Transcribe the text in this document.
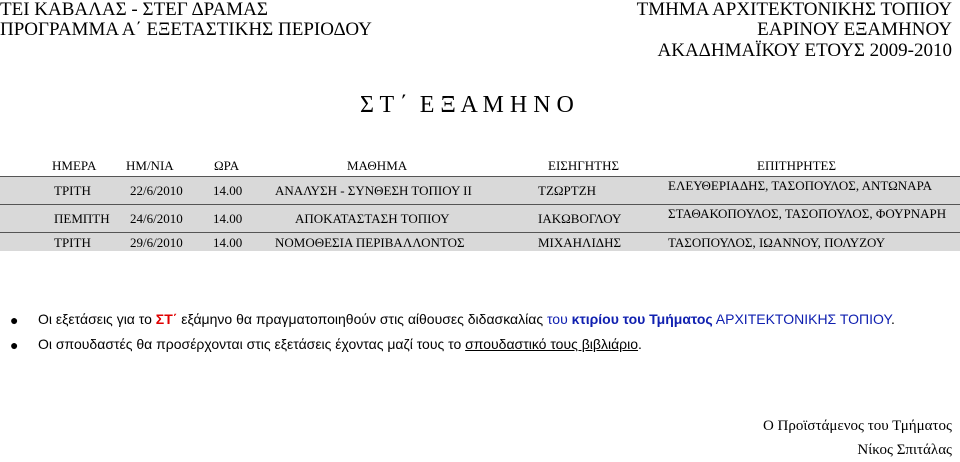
ΤΕΙ ΚΑΒΑΛΑΣ - ΣΤΕΓ ΔΡΑΜΑΣ
ΠΡΟΓΡΑΜΜΑ Α΄ ΕΞΕΤΑΣΤΙΚΗΣ ΠΕΡΙΟΔΟΥ
ΤΜΗΜΑ ΑΡΧΙΤΕΚΤΟΝΙΚΗΣ ΤΟΠΙΟΥ
ΕΑΡΙΝΟΥ ΕΞΑΜΗΝΟΥ
ΑΚΑΔΗΜΑΪΚΟΥ ΕΤΟΥΣ 2009-2010
Σ Τ ΄  Ε Ξ Α Μ Η Ν Ο
ΗΜΕΡΑ ΗΜ/ΝΙΑ	ΩΡΑ	ΜΑΘΗΜΑ	ΕΙΣΗΓΗΤΗΣ	ΕΠΙΤΗΡΗΤΕΣ
ΤΡΙΤΗ	22/6/2010 14.00	ΑΝΑΛΥΣΗ - ΣΥΝΘΕΣΗ ΤΟΠΙΟΥ ΙΙ	ΤΖΩΡΤΖΗ	ΕΛΕΥΘΕΡΙΑΔΗΣ, ΤΑΣΟΠΟΥΛΟΣ, ΑΝΤΩΝΑΡΑ
ΠΕΜΠΤΗ 24/6/2010 14.00	ΑΠΟΚΑΤΑΣΤΑΣΗ ΤΟΠΙΟΥ	ΙΑΚΩΒΟΓΛΟΥ	ΣΤΑΘΑΚΟΠΟΥΛΟΣ, ΤΑΣΟΠΟΥΛΟΣ, ΦΟΥΡΝΑΡΗ
ΤΡΙΤΗ	29/6/2010 14.00	ΝΟΜΟΘΕΣΙΑ ΠΕΡΙΒΑΛΛΟΝΤΟΣ	ΜΙΧΑΗΛΙΔΗΣ	ΤΑΣΟΠΟΥΛΟΣ, ΙΩΑΝΝΟΥ, ΠΟΛΥΖΟΥ
● Οι εξετάσεις για το ΣΤ΄ εξάμηνο θα πραγματοποιηθούν στις αίθουσες διδασκαλίας του κτιρίου του Τμήματος ΑΡΧΙΤΕΚΤΟΝΙΚΗΣ ΤΟΠΙΟΥ.
● Οι σπουδαστές θα προσέρχονται στις εξετάσεις έχοντας μαζί τους το σπουδαστικό τους βιβλιάριο.
Ο Προϊστάμενος του Τμήματος
Νίκος Σπιτάλας
